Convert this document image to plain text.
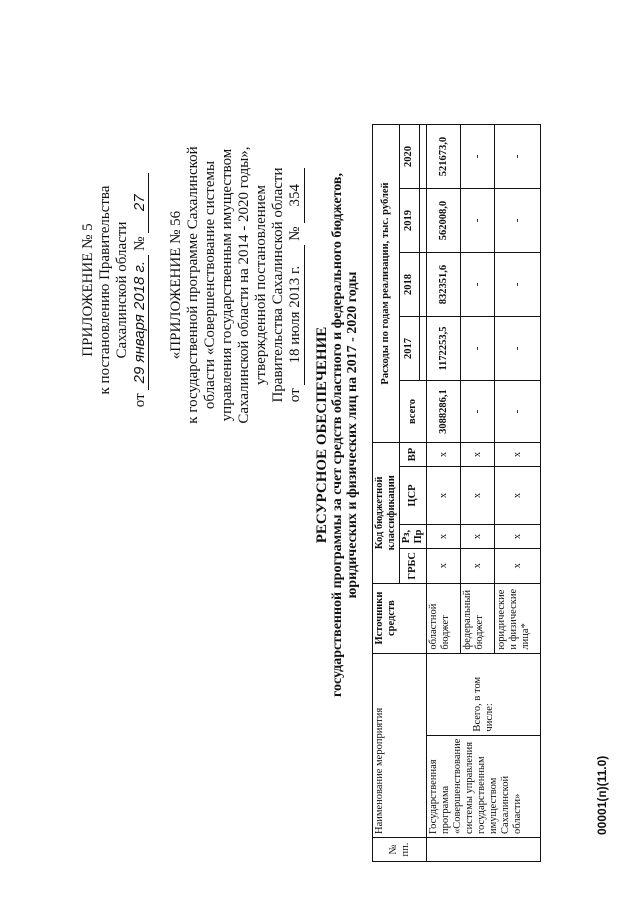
ПРИЛОЖЕНИЕ № 5 к постановлению Правительства Сахалинской области
от 29 января 2018 г. № 27
«ПРИЛОЖЕНИЕ № 56 к государственной программе Сахалинской области «Совершенствование системы управления государственным имуществом Сахалинской области на 2014 - 2020 годы», утвержденной постановлением Правительства Сахалинской области от 18 июля 2013 г. № 354
РЕСУРСНОЕ ОБЕСПЕЧЕНИЕ государственной программы за счет средств областного и федерального бюджетов, юридических и физических лиц на 2017 - 2020 годы
№ пп.	Наименование мероприятия		Источники средств	Код бюджетной классификации				Расходы по годам реализации, тыс. рублей				
				ГРБС	Рз, Пр	ЦСР	ВР	всего	2017	2018	2019	2020

	Государственная программа «Совершенствование системы управления государственным имуществом Сахалинской области»	Всего, в том числе:	областной бюджет	х	х	х	х	3088286,1	1172253,5	832351,6	562008,0	521673,0
			федеральный бюджет	х	х	х	х	-	-	-	-	-
			юридические и физические лица*	х	х	х	х	-	-	-	-	-
00001(п)(11.0)
